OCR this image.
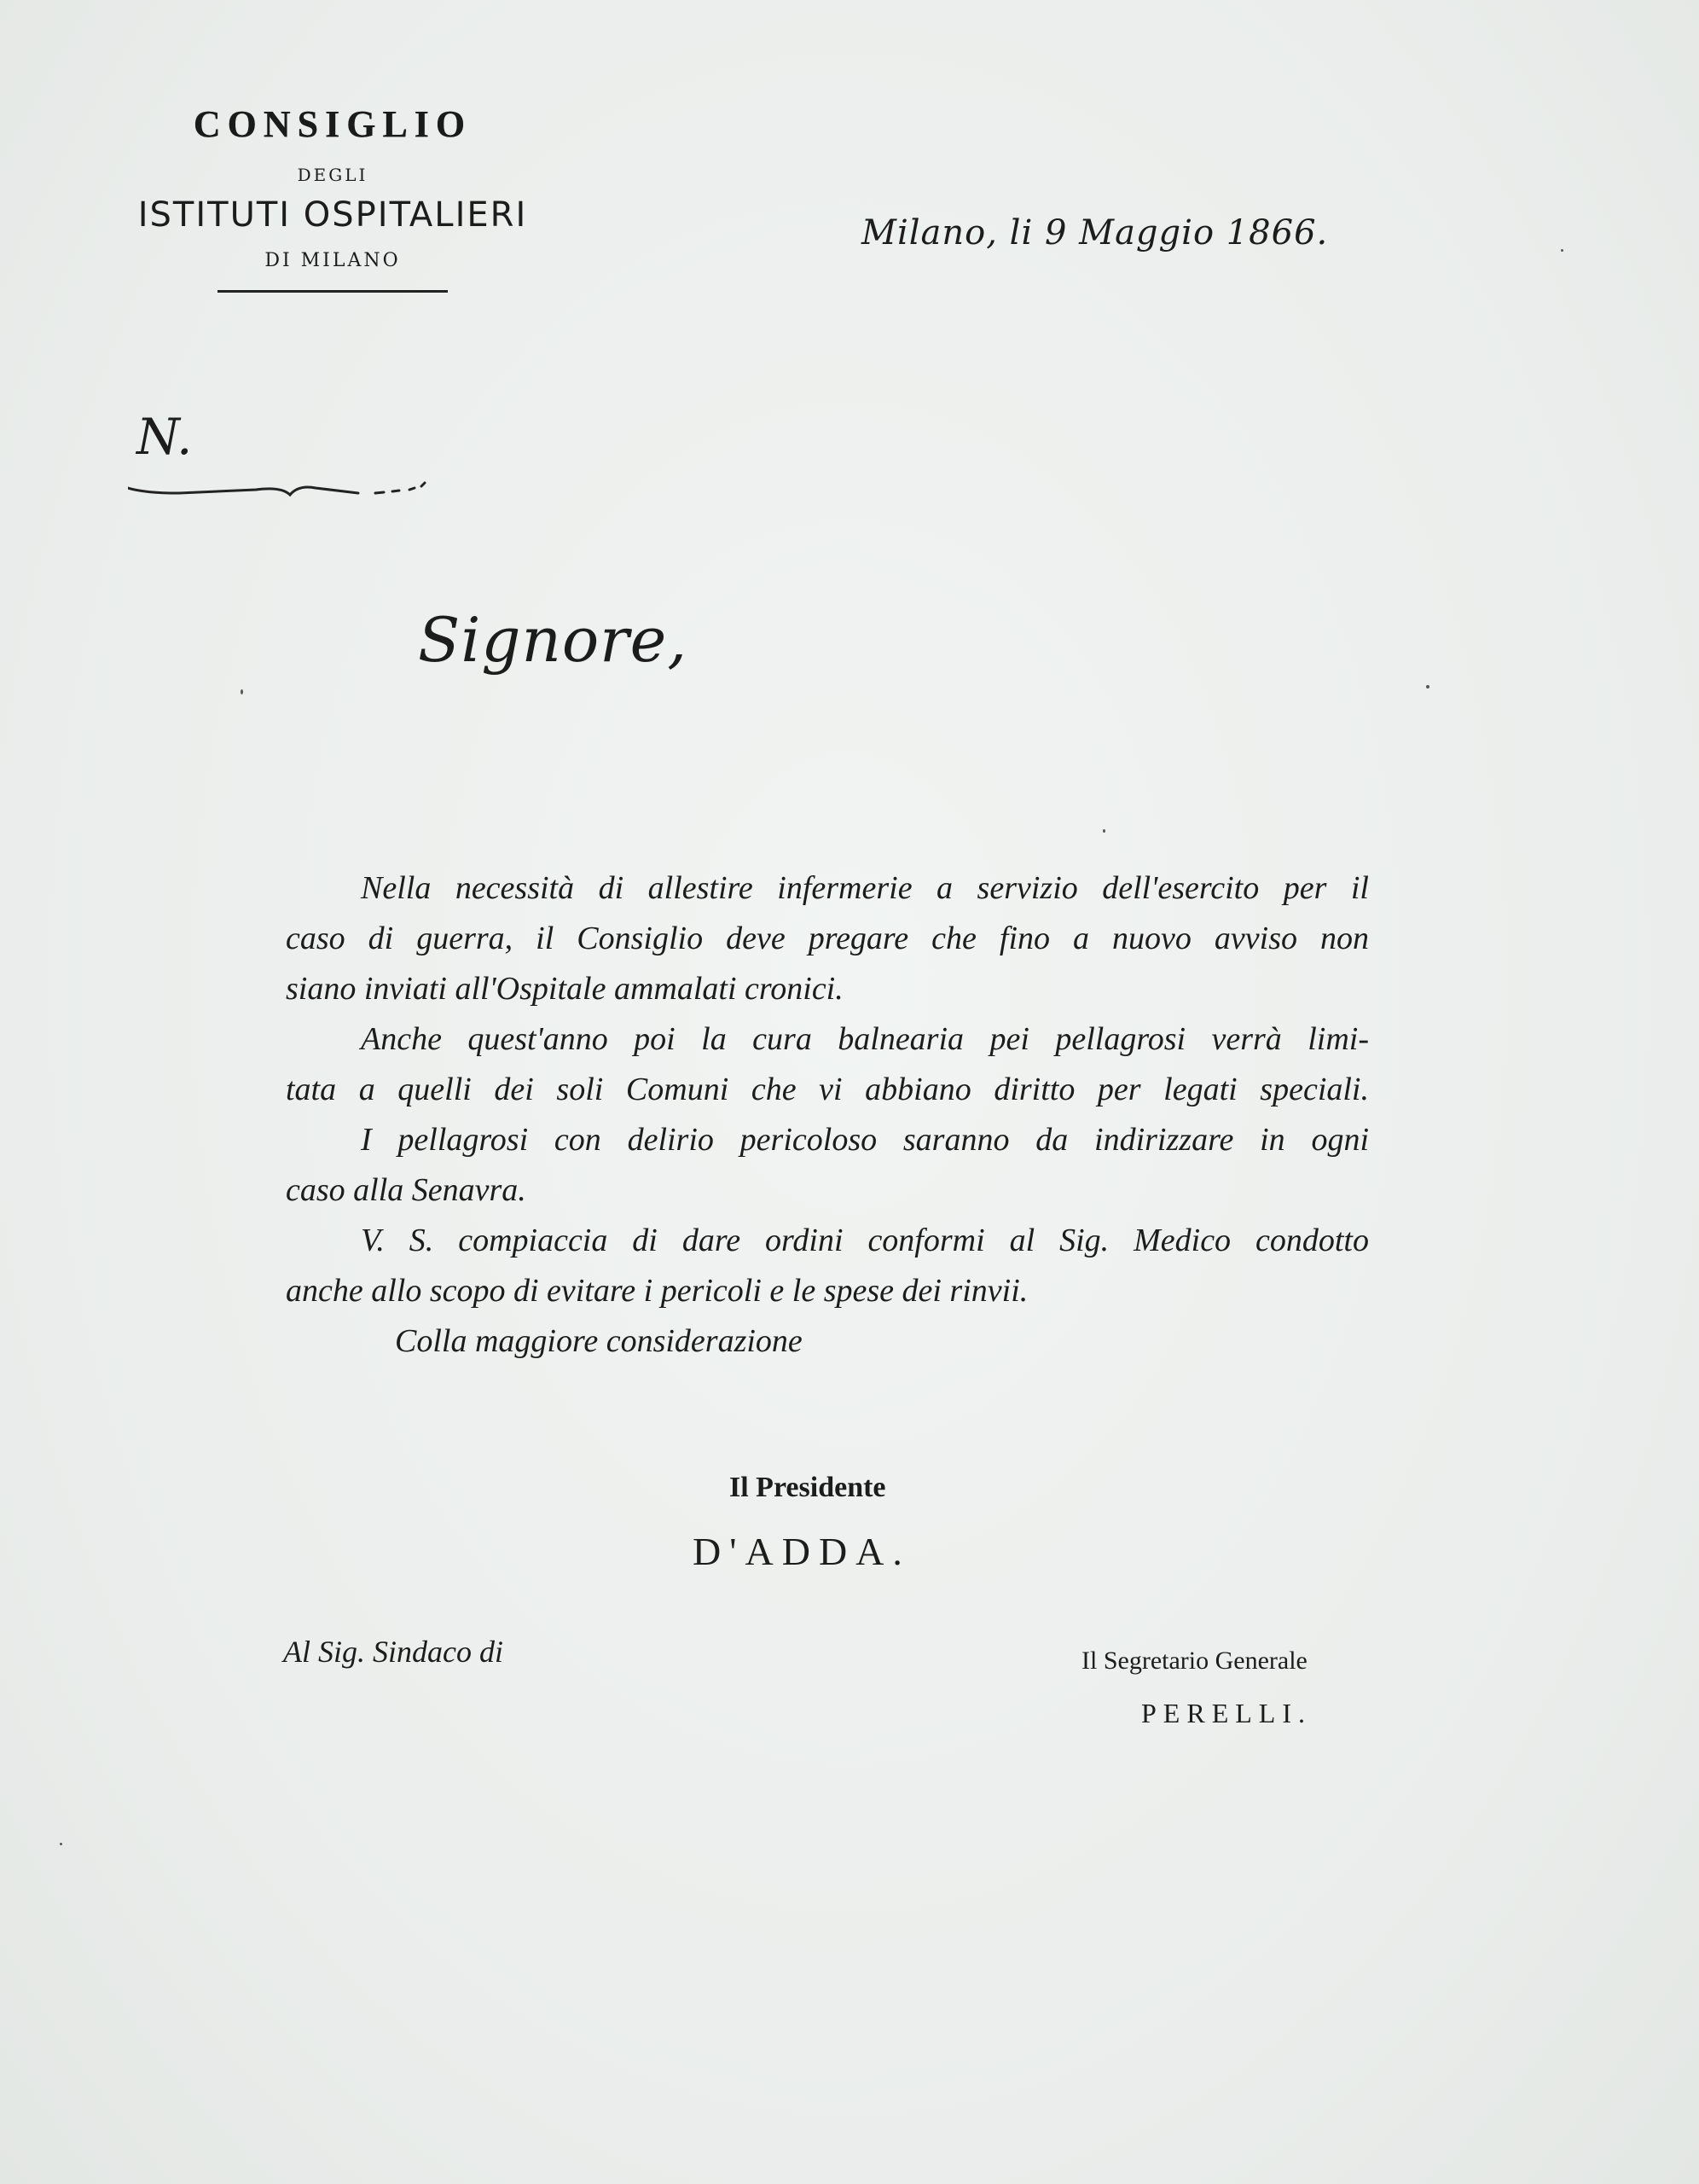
CONSIGLIO
DEGLI
ISTITUTI OSPITALIERI
DI MILANO
Milano, li 9 Maggio 1866.
N.
Signore,
Nella necessità di allestire infermerie a servizio dell'esercito per il
caso di guerra, il Consiglio deve pregare che fino a nuovo avviso non
siano inviati all'Ospitale ammalati cronici.
Anche quest'anno poi la cura balnearia pei pellagrosi verrà limi-
tata a quelli dei soli Comuni che vi abbiano diritto per legati speciali.
I pellagrosi con delirio pericoloso saranno da indirizzare in ogni
caso alla Senavra.
V. S. compiaccia di dare ordini conformi al Sig. Medico condotto
anche allo scopo di evitare i pericoli e le spese dei rinvii.
Colla maggiore considerazione
Il Presidente
D'ADDA.
Al Sig. Sindaco di	Il Segretario Generale
PERELLI.
